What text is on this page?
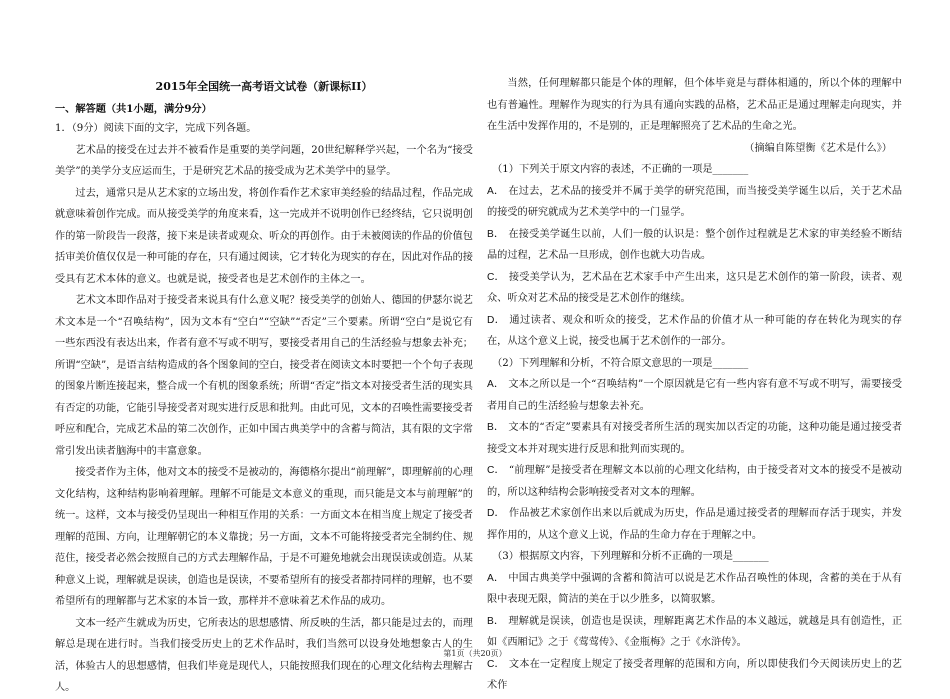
2015年全国统一高考语文试卷（新课标II）
一、解答题（共1小题，满分9分）

1．（9分）阅读下面的文字，完成下列各题。

艺术品的接受在过去并不被看作是重要的美学问题，20世纪解释学兴起，一个名为“接受美学”的美学分支应运而生，于是研究艺术品的接受成为艺术美学中的显学。

过去，通常只是从艺术家的立场出发，将创作看作艺术家审美经验的结晶过程，作品完成就意味着创作完成。而从接受美学的角度来看，这一完成并不说明创作已经终结，它只说明创作的第一阶段告一段落，接下来是读者或观众、听众的再创作。由于未被阅读的作品的价值包括审美价值仅仅是一种可能的存在，只有通过阅读，它才转化为现实的存在，因此对作品的接受具有艺术本体的意义。也就是说，接受者也是艺术创作的主体之一。

艺术文本即作品对于接受者来说具有什么意义呢？接受美学的创始人、德国的伊瑟尔说艺术文本是一个“召唤结构”，因为文本有“空白”“空缺”“否定”三个要素。所谓“空白”是说它有一些东西没有表达出来，作者有意不写或不明写，要接受者用自己的生活经验与想象去补充；所谓“空缺”，是语言结构造成的各个图象间的空白，接受者在阅读文本时要把一个个句子表现的图象片断连接起来，整合成一个有机的图象系统；所谓“否定”指文本对接受者生活的现实具有否定的功能，它能引导接受者对现实进行反思和批判。由此可见，文本的召唤性需要接受者呼应和配合，完成艺术品的第二次创作，正如中国古典美学中的含蓄与简洁，其有限的文字常常引发出读者脑海中的丰富意象。

接受者作为主体，他对文本的接受不是被动的，海德格尔提出“前理解”，即理解前的心理文化结构，这种结构影响着理解。理解不可能是文本意义的重现，而只能是文本与前理解”的统一。这样，文本与接受仍呈现出一种相互作用的关系：一方面文本在相当度上规定了接受者理解的范围、方向，让理解朝它的本义靠拢；另一方面，文本不可能将接受者完全制约住、规范住，接受者必然会按照自己的方式去理解作品，于是不可避免地就会出现误读或创造。从某种意义上说，理解就是误读，创造也是误读，不要希望所有的接受者都持同样的理解，也不要希望所有的理解都与艺术家的本旨一致，那样并不意味着艺术作品的成功。

文本一经产生就成为历史，它所表达的思想感情、所反映的生活，都只能是过去的，而理解总是现在进行时。当我们接受历史上的艺术作品时，我们当然可以设身处地想象古人的生活，体验古人的思想感情，但我们毕竟是现代人，只能按照我们现在的心理文化结构去理解古人。

当然，任何理解都只能是个体的理解，但个体毕竟是与群体相通的，所以个体的理解中也有普遍性。理解作为现实的行为具有通向实践的品格，艺术品正是通过理解走向现实，并在生活中发挥作用的，不是别的，正是理解照亮了艺术品的生命之光。

（摘编自陈望衡《艺术是什么》）

（1）下列关于原文内容的表述，不正确的一项是_______

A． 在过去，艺术品的接受并不属于美学的研究范围，而当接受美学诞生以后，关于艺术品的接受的研究就成为艺术美学中的一门显学。

B． 在接受美学诞生以前，人们一般的认识是：整个创作过程就是艺术家的审美经验不断结晶的过程，艺术品一旦形成，创作也就大功告成。

C． 接受美学认为，艺术品在艺术家手中产生出来，这只是艺术创作的第一阶段，读者、观众、听众对艺术品的接受是艺术创作的继续。

D． 通过读者、观众和听众的接受，艺术作品的价值才从一种可能的存在转化为现实的存在，从这个意义上说，接受也属于艺术创作的一部分。

（2）下列理解和分析，不符合原文意思的一项是_______

A． 文本之所以是一个“召唤结构”一个原因就是它有一些内容有意不写或不明写，需要接受者用自己的生活经验与想象去补充。

B． 文本的“否定”要素具有对接受者所生活的现实加以否定的功能，这种功能是通过接受者接受文本并对现实进行反思和批判而实现的。

C． “前理解”是接受者在理解文本以前的心理文化结构，由于接受者对文本的接受不是被动的，所以这种结构会影响接受者对文本的理解。

D． 作品被艺术家创作出来以后就成为历史，作品是通过接受者的理解而存活于现实，并发挥作用的，从这个意义上说，作品的生命力存在于理解之中。

（3）根据原文内容，下列理解和分析不正确的一项是_______

A． 中国古典美学中强调的含蓄和简洁可以说是艺术作品召唤性的体现，含蓄的美在于从有限中表现无限，简洁的美在于以少胜多，以简驭繁。

B． 理解就是误读，创造也是误读，理解距离艺术作品的本义越远，就越是具有创造性，正如《西厢记》之于《莺莺传》、《金瓶梅》之于《水浒传》。

C． 文本在一定程度上规定了接受者理解的范围和方向，所以即使我们今天阅读历史上的艺术作

第1页（共20页）
